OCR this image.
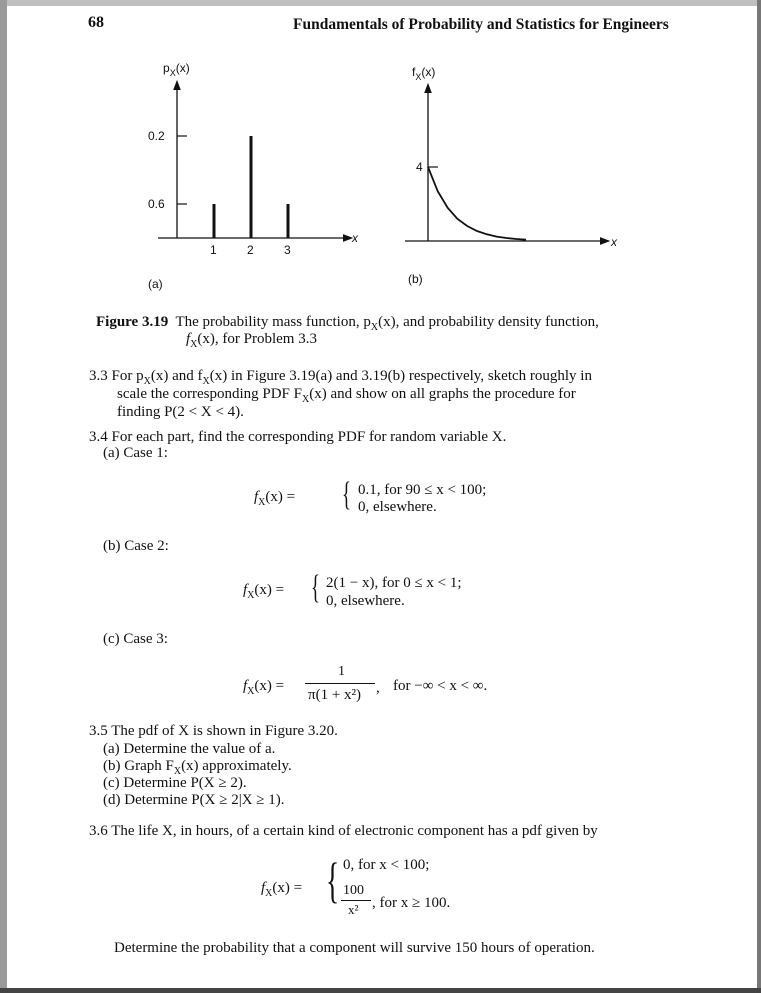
68	Fundamentals of Probability and Statistics for Engineers
$p_X(x)$
0.6
0.2
1	2	3
x
(a)
$f_X(x)$
4
x
(b)
Figure 3.19 The probability mass function, $p_X(x)$, and probability density function,
$f_X(x)$, for Problem 3.3
3.3 For $p_X(x)$ and $f_X(x)$ in Figure 3.19(a) and 3.19(b) respectively, sketch roughly in
scale the corresponding PDF $F_X(x)$ and show on all graphs the procedure for
finding P(2 < X < 4).
3.4 For each part, find the corresponding PDF for random variable X.
(a) Case 1:
$f_X(x)$ = { 0.1, for 90 ≤ x < 100;
0, elsewhere.
(b) Case 2:
$f_X(x)$ = { 2(1 − x), for 0 ≤ x < 1;
0, elsewhere.
(c) Case 3:
$f_X(x)$ =
1
π(1 + x²) , for −∞ < x < ∞.
3.5 The pdf of X is shown in Figure 3.20.
(a) Determine the value of a.
(b) Graph $F_X(x)$ approximately.
(c) Determine P(X ≥ 2).
(d) Determine P(X ≥ 2|X ≥ 1).
3.6 The life X, in hours, of a certain kind of electronic component has a pdf given by
$f_X(x)$ = { 0, for x < 100;
100
x² , for x ≥ 100.
Determine the probability that a component will survive 150 hours of operation.
